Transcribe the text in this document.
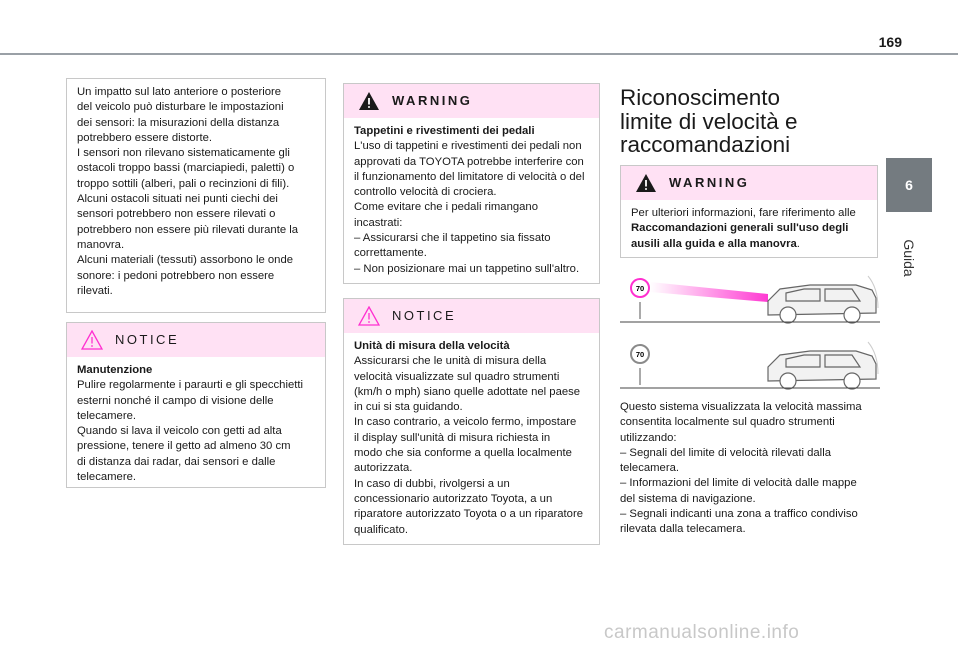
169
6
Guida

Un impatto sul lato anteriore o posteriore
del veicolo può disturbare le impostazioni
dei sensori: la misurazioni della distanza
potrebbero essere distorte.
I sensori non rilevano sistematicamente gli
ostacoli troppo bassi (marciapiedi, paletti) o
troppo sottili (alberi, pali o recinzioni di fili).
Alcuni ostacoli situati nei punti ciechi dei
sensori potrebbero non essere rilevati o
potrebbero non essere più rilevati durante la
manovra.
Alcuni materiali (tessuti) assorbono le onde
sonore: i pedoni potrebbero non essere
rilevati.

NOTICE

Manutenzione

Pulire regolarmente i paraurti e gli specchietti
esterni nonché il campo di visione delle
telecamere.
Quando si lava il veicolo con getti ad alta
pressione, tenere il getto ad almeno 30 cm
di distanza dai radar, dai sensori e dalle
telecamere.

WARNING

Tappetini e rivestimenti dei pedali

L'uso di tappetini e rivestimenti dei pedali non
approvati da TOYOTA potrebbe interferire con
il funzionamento del limitatore di velocità o del
controllo velocità di crociera.
Come evitare che i pedali rimangano
incastrati:
– Assicurarsi che il tappetino sia fissato
correttamente.
– Non posizionare mai un tappetino sull'altro.

NOTICE

Unità di misura della velocità

Assicurarsi che le unità di misura della
velocità visualizzate sul quadro strumenti
(km/h o mph) siano quelle adottate nel paese
in cui si sta guidando.
In caso contrario, a veicolo fermo, impostare
il display sull'unità di misura richiesta in
modo che sia conforme a quella localmente
autorizzata.
In caso di dubbi, rivolgersi a un
concessionario autorizzato Toyota, a un
riparatore autorizzato Toyota o a un riparatore
qualificato.

Riconoscimento
limite di velocità e
raccomandazioni
WARNING

Per ulteriori informazioni, fare riferimento alle
Raccomandazioni generali sull'uso degli
ausili alla guida e alla manovra.

70
70

Questo sistema visualizzata la velocità massima
consentita localmente sul quadro strumenti
utilizzando:
– Segnali del limite di velocità rilevati dalla
telecamera.
– Informazioni del limite di velocità dalle mappe
del sistema di navigazione.
– Segnali indicanti una zona a traffico condiviso
rilevata dalla telecamera.

carmanualsonline.info
